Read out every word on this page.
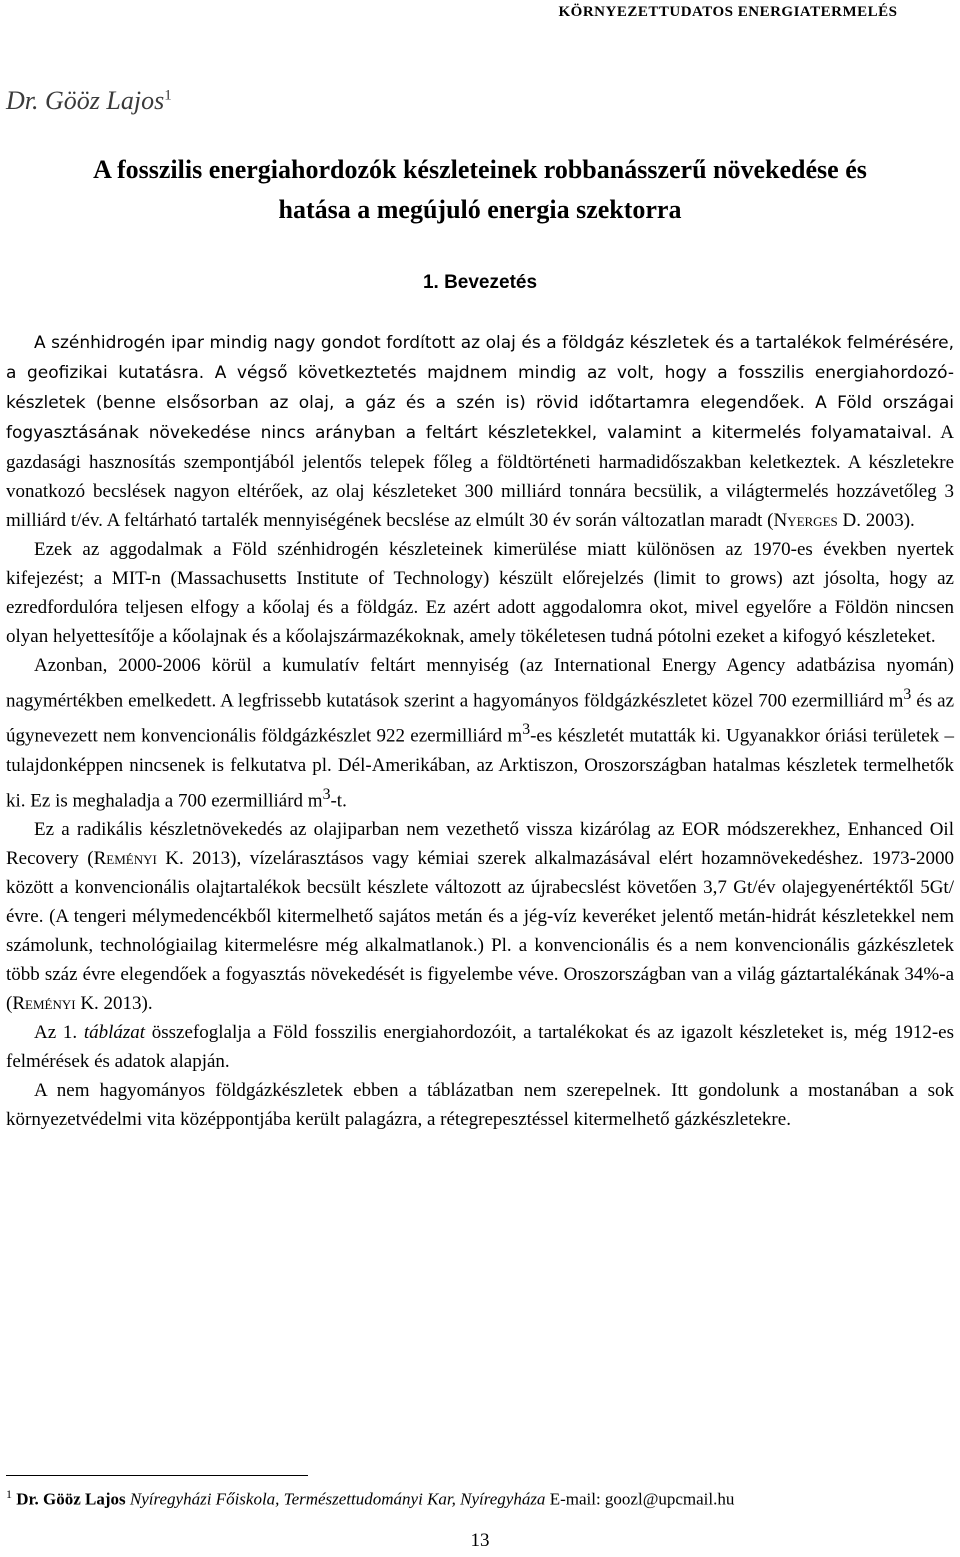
KÖRNYEZETTUDATOS ENERGIATERMELÉS
Dr. Gööz Lajos$^1$
A fosszilis energiahordozók készleteinek robbanásszerű növekedése és
hatása a megújuló energia szektorra
1. Bevezetés

A szénhidrogén ipar mindig nagy gondot fordított az olaj és a földgáz készletek és a tartalékok felmérésére, a geofizikai kutatásra. A végső következtetés majdnem mindig az volt, hogy a fosszilis energiahordozó-készletek (benne elsősorban az olaj, a gáz és a szén is) rövid időtartamra elegendőek. A Föld országai fogyasztásának növekedése nincs arányban a feltárt készletekkel, valamint a kitermelés folyamataival. A gazdasági hasznosítás szempontjából jelentős telepek főleg a földtörténeti harmadidőszakban keletkeztek. A készletekre vonatkozó becslések nagyon eltérőek, az olaj készleteket 300 milliárd tonnára becsülik, a világtermelés hozzávetőleg 3 milliárd t/év. A feltárható tartalék mennyiségének becslése az elmúlt 30 év során változatlan maradt (Nyerges D. 2003).

Ezek az aggodalmak a Föld szénhidrogén készleteinek kimerülése miatt különösen az 1970-es években nyertek kifejezést; a MIT-n (Massachusetts Institute of Technology) készült előrejelzés (limit to grows) azt jósolta, hogy az ezredfordulóra teljesen elfogy a kőolaj és a földgáz. Ez azért adott aggodalomra okot, mivel egyelőre a Földön nincsen olyan helyettesítője a kőolajnak és a kőolajszármazékoknak, amely tökéletesen tudná pótolni ezeket a kifogyó készleteket.

Azonban, 2000-2006 körül a kumulatív feltárt mennyiség (az International Energy Agency adatbázisa nyomán) nagymértékben emelkedett. A legfrissebb kutatások szerint a hagyományos földgázkészletet közel 700 ezermilliárd $m^3$ és az úgynevezett nem konvencionális földgázkészlet 922 ezermilliárd $m^3-es$ készletét mutatták ki. Ugyanakkor óriási területek – tulajdonképpen nincsenek is felkutatva pl. Dél-Amerikában, az Arktiszon, Oroszországban hatalmas készletek termelhetők ki. Ez is meghaladja a 700 ezermilliárd $m^3-t$.

Ez a radikális készletnövekedés az olajiparban nem vezethető vissza kizárólag az EOR módszerekhez, Enhanced Oil Recovery (Reményi K. 2013), vízelárasztásos vagy kémiai szerek alkalmazásával elért hozamnövekedéshez. 1973-2000 között a konvencionális olajtartalékok becsült készlete változott az újrabecslést követően 3,7 Gt/év olajegyenértéktől 5Gt/évre. (A tengeri mélymedencékből kitermelhető sajátos metán és a jég-víz keveréket jelentő metán-hidrát készletekkel nem számolunk, technológiailag kitermelésre még alkalmatlanok.) Pl. a konvencionális és a nem konvencionális gázkészletek több száz évre elegendőek a fogyasztás növekedését is figyelembe véve. Oroszországban van a világ gáztartalékának 34%-a (Reményi K. 2013).

Az 1. táblázat összefoglalja a Föld fosszilis energiahordozóit, a tartalékokat és az igazolt készleteket is, még 1912-es felmérések és adatok alapján.

A nem hagyományos földgázkészletek ebben a táblázatban nem szerepelnek. Itt gondolunk a mostanában a sok környezetvédelmi vita középpontjába került palagázra, a rétegrepesztéssel kitermelhető gázkészletekre.

$^1$ Dr. Gööz Lajos Nyíregyházi Főiskola, Természettudományi Kar, Nyíregyháza E-mail: goozl@upcmail.hu
13
